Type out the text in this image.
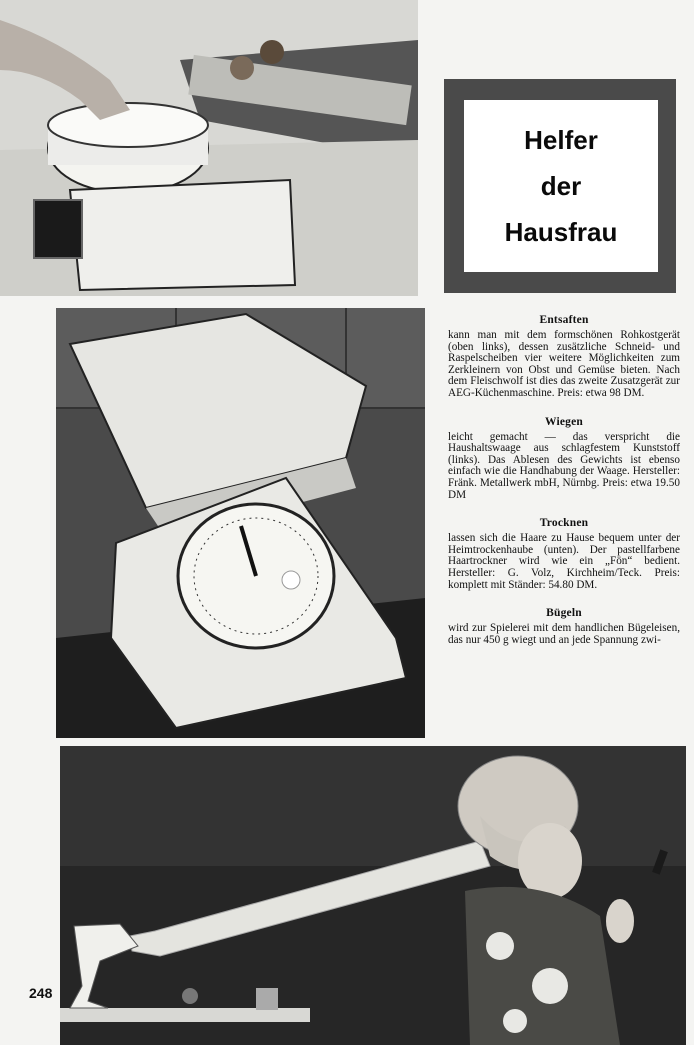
Helfer
der
Hausfrau

Entsaften

kann man mit dem formschönen Rohkostgerät (oben links), dessen zusätzliche Schneid- und Raspelscheiben vier weitere Möglichkeiten zum Zerkleinern von Obst und Gemüse bieten. Nach dem Fleischwolf ist dies das zweite Zusatzgerät zur AEG-Küchenmaschine. Preis: etwa 98 DM.

Wiegen

leicht gemacht — das verspricht die Haushaltswaage aus schlagfestem Kunststoff (links). Das Ablesen des Gewichts ist ebenso einfach wie die Handhabung der Waage. Hersteller: Fränk. Metallwerk mbH, Nürnbg. Preis: etwa 19.50 DM

Trocknen

lassen sich die Haare zu Hause bequem unter der Heimtrockenhaube (unten). Der pastellfarbene Haartrockner wird wie ein „Fön“ bedient. Hersteller: G. Volz, Kirchheim/Teck. Preis: komplett mit Ständer: 54.80 DM.

Bügeln

wird zur Spielerei mit dem handlichen Bügeleisen, das nur 450 g wiegt und an jede Spannung zwi-

248
